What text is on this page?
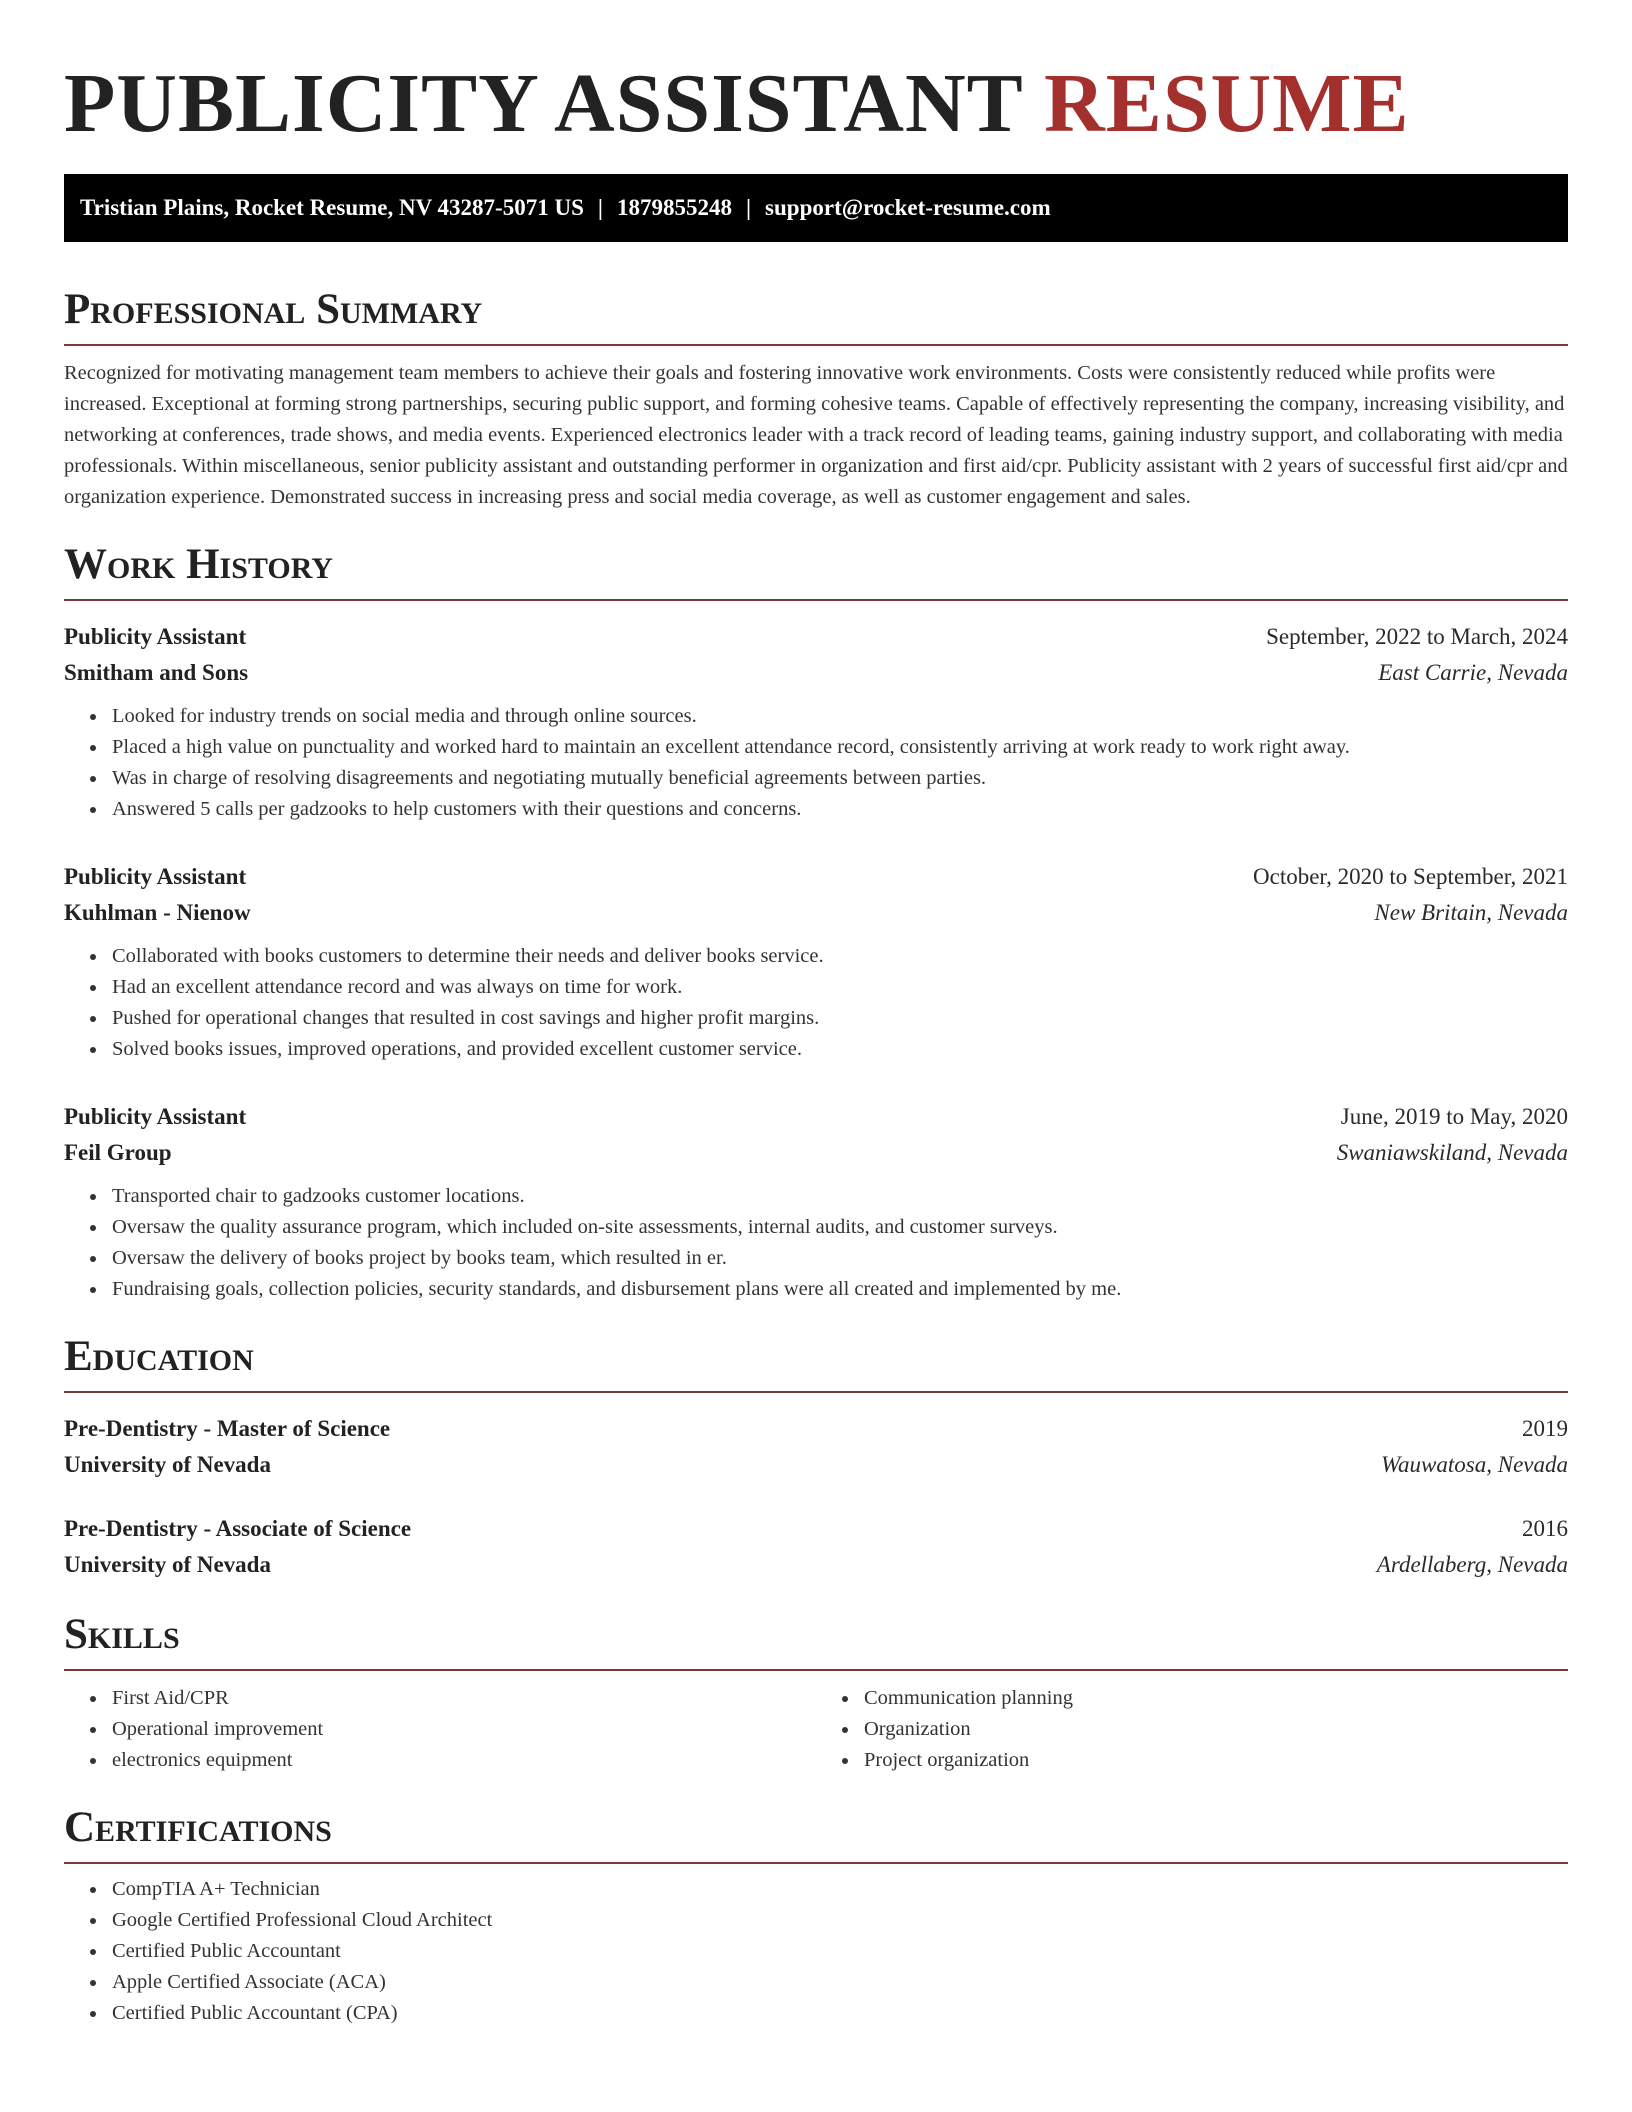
PUBLICITY ASSISTANT RESUME
Tristian Plains, Rocket Resume, NV 43287-5071 US | 1879855248 | support@rocket-resume.com
Professional Summary

Recognized for motivating management team members to achieve their goals and fostering innovative work environments. Costs were consistently reduced while profits were increased. Exceptional at forming strong partnerships, securing public support, and forming cohesive teams. Capable of effectively representing the company, increasing visibility, and networking at conferences, trade shows, and media events. Experienced electronics leader with a track record of leading teams, gaining industry support, and collaborating with media professionals. Within miscellaneous, senior publicity assistant and outstanding performer in organization and first aid/cpr. Publicity assistant with 2 years of successful first aid/cpr and organization experience. Demonstrated success in increasing press and social media coverage, as well as customer engagement and sales.

Work History
Publicity Assistant	September, 2022 to March, 2024
Smitham and Sons	East Carrie, Nevada
• Looked for industry trends on social media and through online sources.
• Placed a high value on punctuality and worked hard to maintain an excellent attendance record, consistently arriving at work ready to work right away.
• Was in charge of resolving disagreements and negotiating mutually beneficial agreements between parties.
• Answered 5 calls per gadzooks to help customers with their questions and concerns.
Publicity Assistant	October, 2020 to September, 2021
Kuhlman - Nienow	New Britain, Nevada
• Collaborated with books customers to determine their needs and deliver books service.
• Had an excellent attendance record and was always on time for work.
• Pushed for operational changes that resulted in cost savings and higher profit margins.
• Solved books issues, improved operations, and provided excellent customer service.
Publicity Assistant	June, 2019 to May, 2020
Feil Group	Swaniawskiland, Nevada
• Transported chair to gadzooks customer locations.
• Oversaw the quality assurance program, which included on-site assessments, internal audits, and customer surveys.
• Oversaw the delivery of books project by books team, which resulted in er.
• Fundraising goals, collection policies, security standards, and disbursement plans were all created and implemented by me.
Education
Pre-Dentistry - Master of Science	2019
University of Nevada	Wauwatosa, Nevada
Pre-Dentistry - Associate of Science	2016
University of Nevada	Ardellaberg, Nevada
Skills
• First Aid/CPR
• Operational improvement
• electronics equipment
• Communication planning
• Organization
• Project organization
Certifications
• CompTIA A+ Technician
• Google Certified Professional Cloud Architect
• Certified Public Accountant
• Apple Certified Associate (ACA)
• Certified Public Accountant (CPA)
